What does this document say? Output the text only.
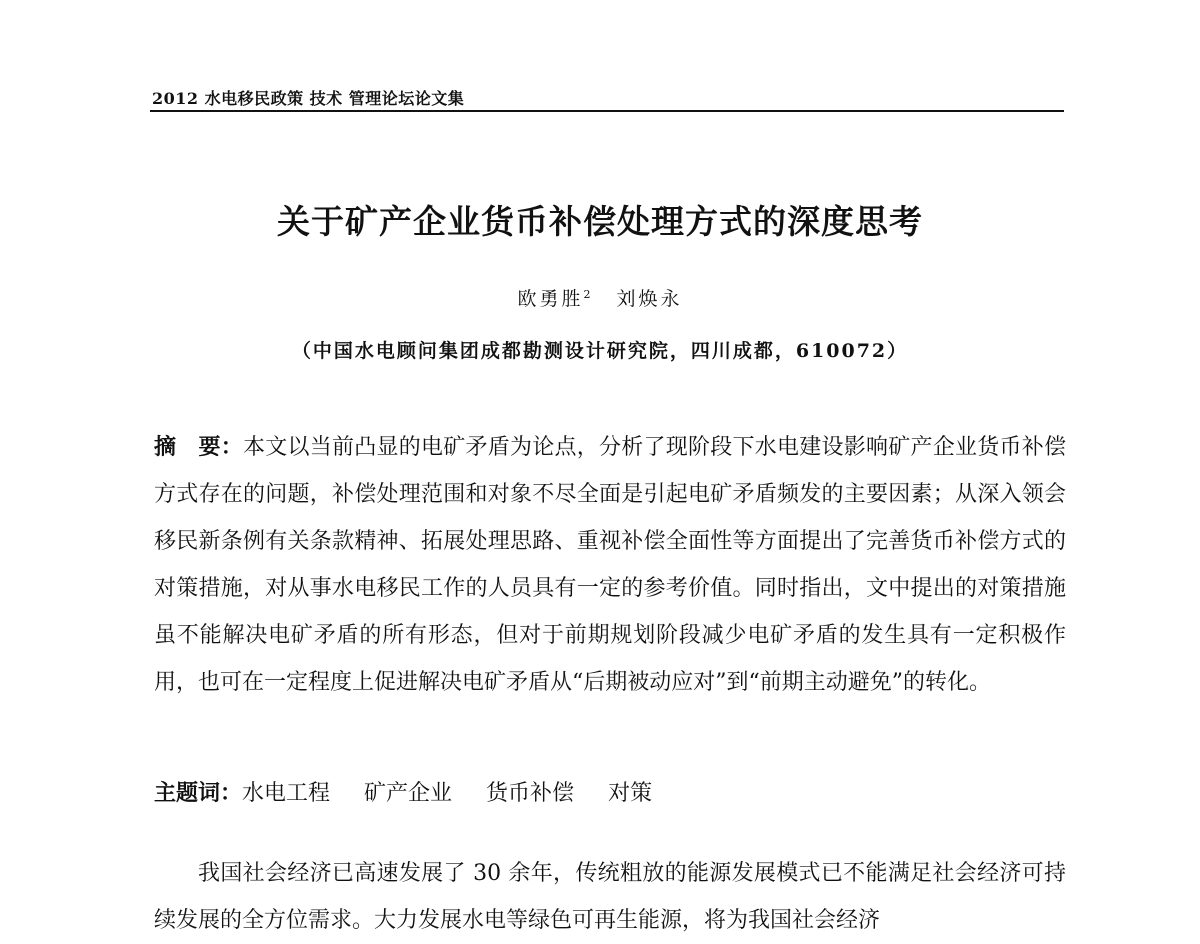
2012 水电移民政策 技术 管理论坛论文集
关于矿产企业货币补偿处理方式的深度思考
欧勇胜$^2$ 刘焕永
（中国水电顾问集团成都勘测设计研究院，四川成都，610072）

摘　要：本文以当前凸显的电矿矛盾为论点，分析了现阶段下水电建设影响矿产企业货币补偿方式存在的问题，补偿处理范围和对象不尽全面是引起电矿矛盾频发的主要因素；从深入领会移民新条例有关条款精神、拓展处理思路、重视补偿全面性等方面提出了完善货币补偿方式的对策措施，对从事水电移民工作的人员具有一定的参考价值。同时指出，文中提出的对策措施虽不能解决电矿矛盾的所有形态，但对于前期规划阶段减少电矿矛盾的发生具有一定积极作用，也可在一定程度上促进解决电矿矛盾从“后期被动应对”到“前期主动避免”的转化。

主题词：水电工程 矿产企业 货币补偿 对策

我国社会经济已高速发展了 30 余年，传统粗放的能源发展模式已不能满足社会经济可持续发展的全方位需求。大力发展水电等绿色可再生能源，将为我国社会经济
